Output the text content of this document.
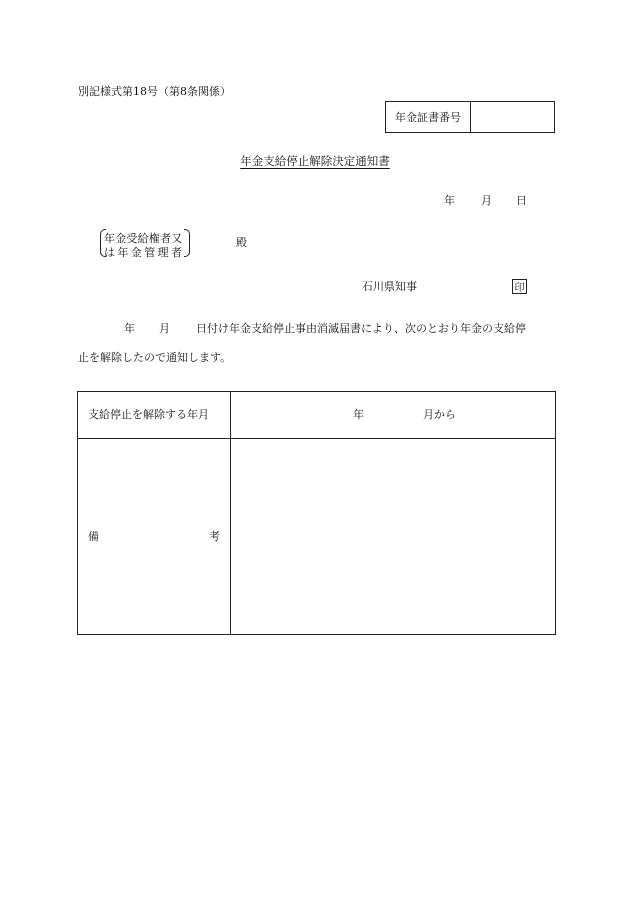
別記様式第18号（第8条関係）
年金証書番号
年金支給停止解除決定通知書
年 月 日
年金受給権者又
は年金管理者
殿
石川県知事	印
年 月 日付け年金支給停止事由消滅届書により、次のとおり年金の支給停
止を解除したので通知します。
支給停止を解除する年月	年	月から
備	考
